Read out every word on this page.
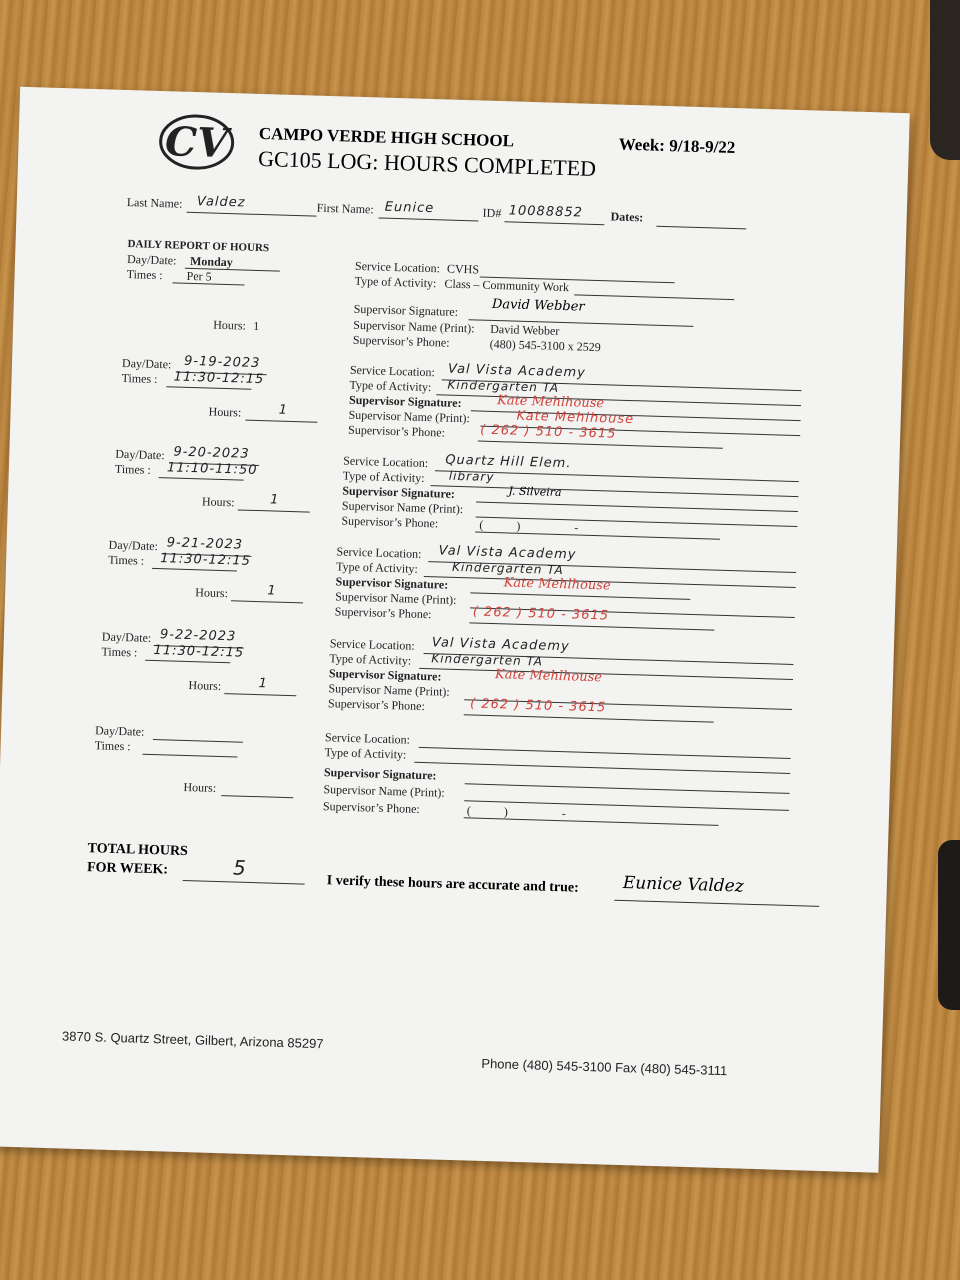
CV CAMPO VERDE HIGH SCHOOL	Week: 9/18-9/22
GC105 LOG: HOURS COMPLETED
Last Name: Valdez	First Name: Eunice	ID# 10088852 Dates:
DAILY REPORT OF HOURS
Day/Date: Monday
Times : Per 5
Hours: 1
Service Location: CVHS
Type of Activity: Class – Community Work
Supervisor Signature:	David Webber
Supervisor Name (Print): David Webber
Supervisor’s Phone:	(480) 545-3100 x 2529
Day/Date: 9-19-2023
Times : 11:30-12:15
Hours:	1
Service Location: Val Vista Academy
Type of Activity: Kindergarten TA
Supervisor Signature:	Kate Mehlhouse
Supervisor Name (Print):	Kate Mehlhouse
Supervisor’s Phone:	( 262 ) 510 - 3615
Day/Date: 9-20-2023
Times : 11:10-11:50
Hours:	1
Service Location: Quartz Hill Elem.
Type of Activity: library
Supervisor Signature:	J. Silveira
Supervisor Name (Print):
Supervisor’s Phone:	(           )                  -
Day/Date: 9-21-2023
Times : 11:30-12:15
Hours:	1
Service Location: Val Vista Academy
Type of Activity:	Kindergarten TA
Supervisor Signature:	Kate Mehlhouse
Supervisor Name (Print):
Supervisor’s Phone:	( 262 ) 510 - 3615
Day/Date: 9-22-2023
Times : 11:30-12:15
Hours:	1
Service Location: Val Vista Academy
Type of Activity: Kindergarten TA
Supervisor Signature:	Kate Mehlhouse
Supervisor Name (Print):
Supervisor’s Phone:	( 262 ) 510 - 3615
Day/Date:
Times :
Hours:
Service Location:
Type of Activity:
Supervisor Signature:
Supervisor Name (Print):
Supervisor’s Phone:	(           )                  -
TOTAL HOURS
FOR WEEK:	5
I verify these hours are accurate and true:	Eunice Valdez
3870 S. Quartz Street, Gilbert, Arizona 85297
Phone (480) 545-3100 Fax (480) 545-3111
